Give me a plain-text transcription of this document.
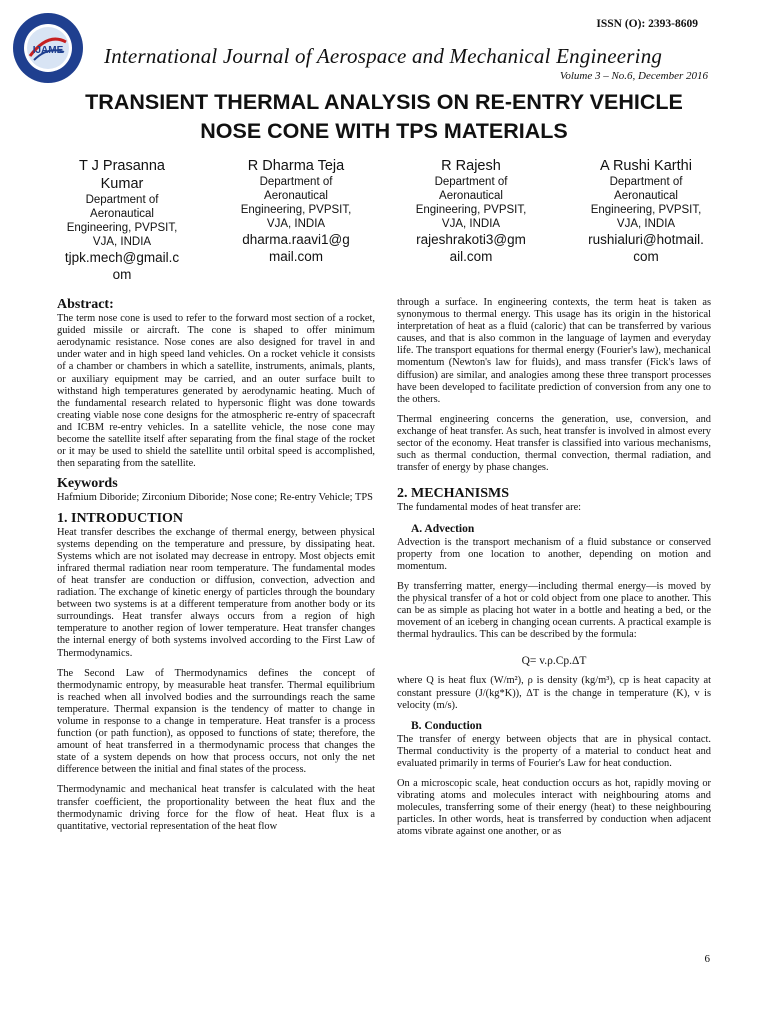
IJAME
ISSN (O): 2393-8609
International Journal of Aerospace and Mechanical Engineering
Volume 3 – No.6, December 2016
TRANSIENT THERMAL ANALYSIS ON RE-ENTRY VEHICLE
NOSE CONE WITH TPS MATERIALS
T J Prasanna
Kumar
Department of
Aeronautical
Engineering, PVPSIT,
VJA, INDIA
tjpk.mech@gmail.c
om
R Dharma Teja
Department of
Aeronautical
Engineering, PVPSIT,
VJA, INDIA
dharma.raavi1@g
mail.com
R Rajesh
Department of
Aeronautical
Engineering, PVPSIT,
VJA, INDIA
rajeshrakoti3@gm
ail.com
A Rushi Karthi
Department of
Aeronautical
Engineering, PVPSIT,
VJA, INDIA
rushialuri@hotmail.
com
Abstract:

The term nose cone is used to refer to the forward most section of a rocket, guided missile or aircraft. The cone is shaped to offer minimum aerodynamic resistance. Nose cones are also designed for travel in and under water and in high speed land vehicles. On a rocket vehicle it consists of a chamber or chambers in which a satellite, instruments, animals, plants, or auxiliary equipment may be carried, and an outer surface built to withstand high temperatures generated by aerodynamic heating. Much of the fundamental research related to hypersonic flight was done towards creating viable nose cone designs for the atmospheric re-entry of spacecraft and ICBM re-entry vehicles. In a satellite vehicle, the nose cone may become the satellite itself after separating from the final stage of the rocket or it may be used to shield the satellite until orbital speed is accomplished, then separating from the satellite.

Keywords

Hafmium Diboride; Zirconium Diboride; Nose cone; Re-entry Vehicle; TPS

1. INTRODUCTION

Heat transfer describes the exchange of thermal energy, between physical systems depending on the temperature and pressure, by dissipating heat. Systems which are not isolated may decrease in entropy. Most objects emit infrared thermal radiation near room temperature. The fundamental modes of heat transfer are conduction or diffusion, convection, advection and radiation. The exchange of kinetic energy of particles through the boundary between two systems is at a different temperature from another body or its surroundings. Heat transfer always occurs from a region of high temperature to another region of lower temperature. Heat transfer changes the internal energy of both systems involved according to the First Law of Thermodynamics.

The Second Law of Thermodynamics defines the concept of thermodynamic entropy, by measurable heat transfer. Thermal equilibrium is reached when all involved bodies and the surroundings reach the same temperature. Thermal expansion is the tendency of matter to change in volume in response to a change in temperature. Heat transfer is a process function (or path function), as opposed to functions of state; therefore, the amount of heat transferred in a thermodynamic process that changes the state of a system depends on how that process occurs, not only the net difference between the initial and final states of the process.

Thermodynamic and mechanical heat transfer is calculated with the heat transfer coefficient, the proportionality between the heat flux and the thermodynamic driving force for the flow of heat. Heat flux is a quantitative, vectorial representation of the heat flow

through a surface. In engineering contexts, the term heat is taken as synonymous to thermal energy. This usage has its origin in the historical interpretation of heat as a fluid (caloric) that can be transferred by various causes, and that is also common in the language of laymen and everyday life. The transport equations for thermal energy (Fourier's law), mechanical momentum (Newton's law for fluids), and mass transfer (Fick's laws of diffusion) are similar, and analogies among these three transport processes have been developed to facilitate prediction of conversion from any one to the others.

Thermal engineering concerns the generation, use, conversion, and exchange of heat transfer. As such, heat transfer is involved in almost every sector of the economy. Heat transfer is classified into various mechanisms, such as thermal conduction, thermal convection, thermal radiation, and transfer of energy by phase changes.

2. MECHANISMS

The fundamental modes of heat transfer are:

A. Advection

Advection is the transport mechanism of a fluid substance or conserved property from one location to another, depending on motion and momentum.

By transferring matter, energy—including thermal energy—is moved by the physical transfer of a hot or cold object from one place to another. This can be as simple as placing hot water in a bottle and heating a bed, or the movement of an iceberg in changing ocean currents. A practical example is thermal hydraulics. This can be described by the formula:

Q= v.ρ.Cp.ΔT

where Q is heat flux (W/m²), ρ is density (kg/m³), cp is heat capacity at constant pressure (J/(kg*K)), ΔT is the change in temperature (K), v is velocity (m/s).

B. Conduction

The transfer of energy between objects that are in physical contact. Thermal conductivity is the property of a material to conduct heat and evaluated primarily in terms of Fourier's Law for heat conduction.

On a microscopic scale, heat conduction occurs as hot, rapidly moving or vibrating atoms and molecules interact with neighbouring atoms and molecules, transferring some of their energy (heat) to these neighbouring particles. In other words, heat is transferred by conduction when adjacent atoms vibrate against one another, or as

6
